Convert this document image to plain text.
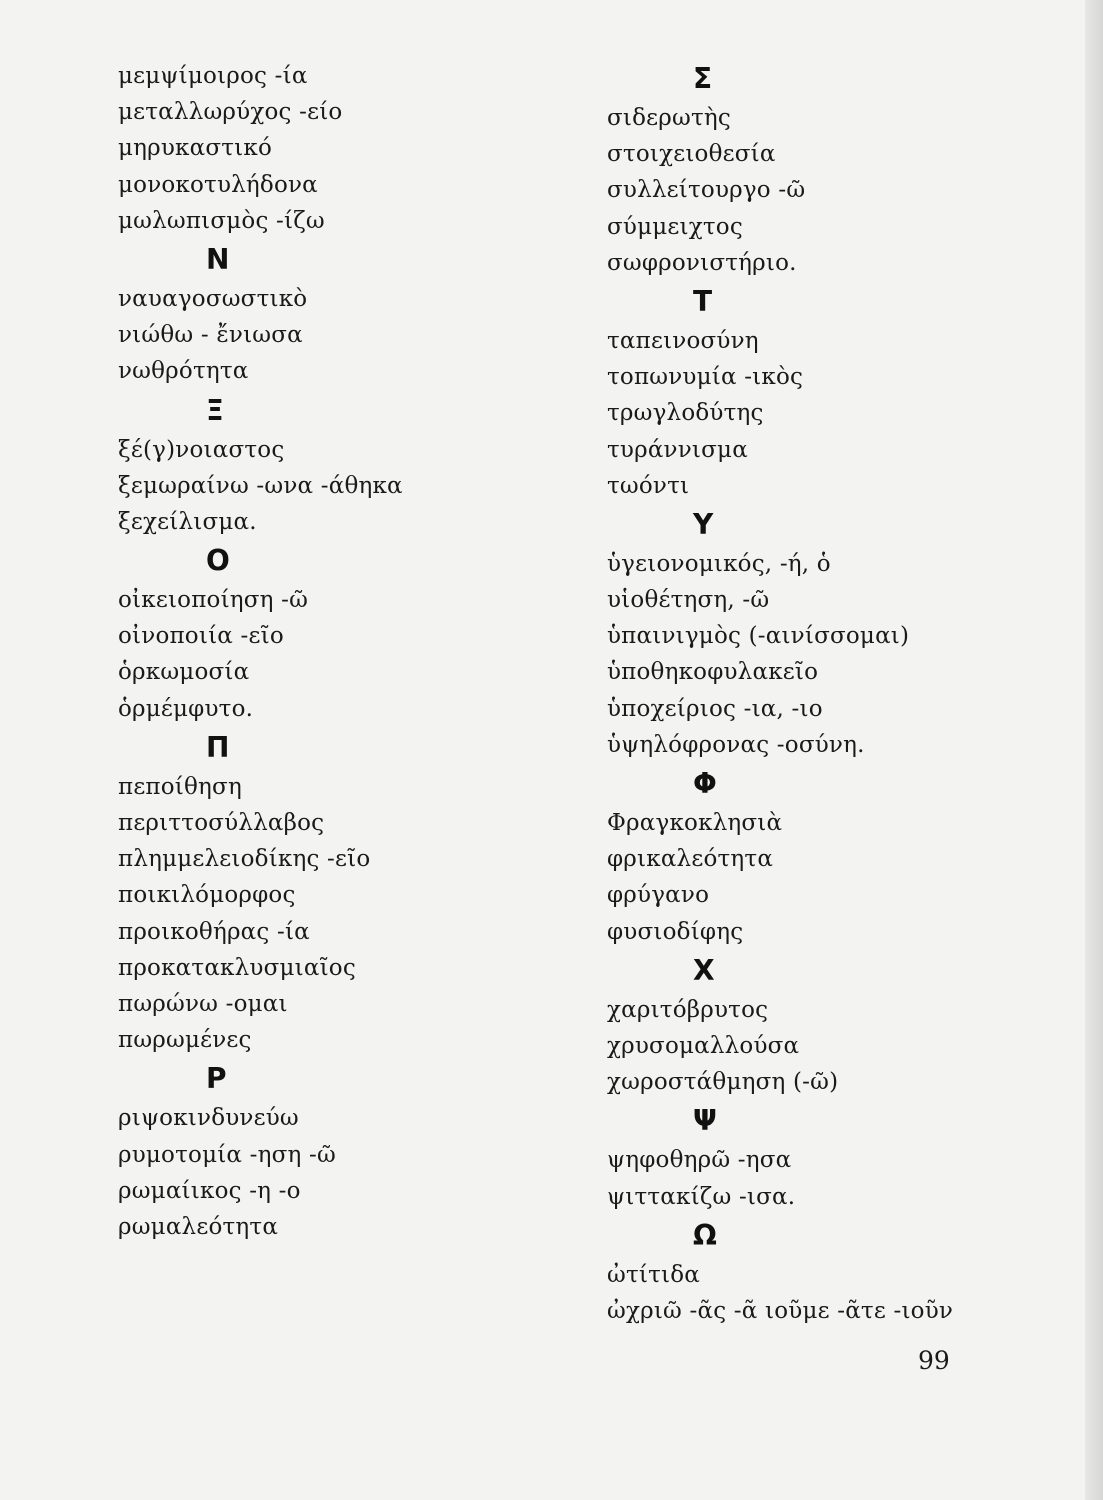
μεμψίμοιρος -ία
μεταλλωρύχος -είο
μηρυκαστικό
μονοκοτυλήδονα
μωλωπισμὸς -ίζω
Ν
ναυαγοσωστικὸ
νιώθω - ἔνιωσα
νωθρότητα
Ξ
ξέ(γ)νοιαστος
ξεμωραίνω -ωνα -άθηκα
ξεχείλισμα.
Ο
οἰκειοποίηση -ῶ
οἰνοποιία -εῖο
ὁρκωμοσία
ὁρμέμφυτο.
Π
πεποίθηση
περιττοσύλλαβος
πλημμελειοδίκης -εῖο
ποικιλόμορφος
προικοθήρας -ία
προκατακλυσμιαῖος
πωρώνω -ομαι
πωρωμένες
Ρ
ριψοκινδυνεύω
ρυμοτομία -ηση -ῶ
ρωμαίικος -η -ο
ρωμαλεότητα
Σ
σιδερωτὴς
στοιχειοθεσία
συλλείτουργο -ῶ
σύμμειχτος
σωφρονιστήριο.
Τ
ταπεινοσύνη
τοπωνυμία -ικὸς
τρωγλοδύτης
τυράννισμα
τωόντι
Υ
ὑγειονομικός, -ή, ὁ
υἱοθέτηση, -ῶ
ὑπαινιγμὸς (-αινίσσομαι)
ὑποθηκοφυλακεῖο
ὑποχείριος -ια, -ιο
ὑψηλόφρονας -οσύνη.
Φ
Φραγκοκλησιὰ
φρικαλεότητα
φρύγανο
φυσιοδίφης
Χ
χαριτόβρυτος
χρυσομαλλούσα
χωροστάθμηση (-ῶ)
Ψ
ψηφοθηρῶ -ησα
ψιττακίζω -ισα.
Ω
ὠτίτιδα
ὠχριῶ -ᾶς -ᾶ ιοῦμε -ᾶτε -ιοῦν
99
